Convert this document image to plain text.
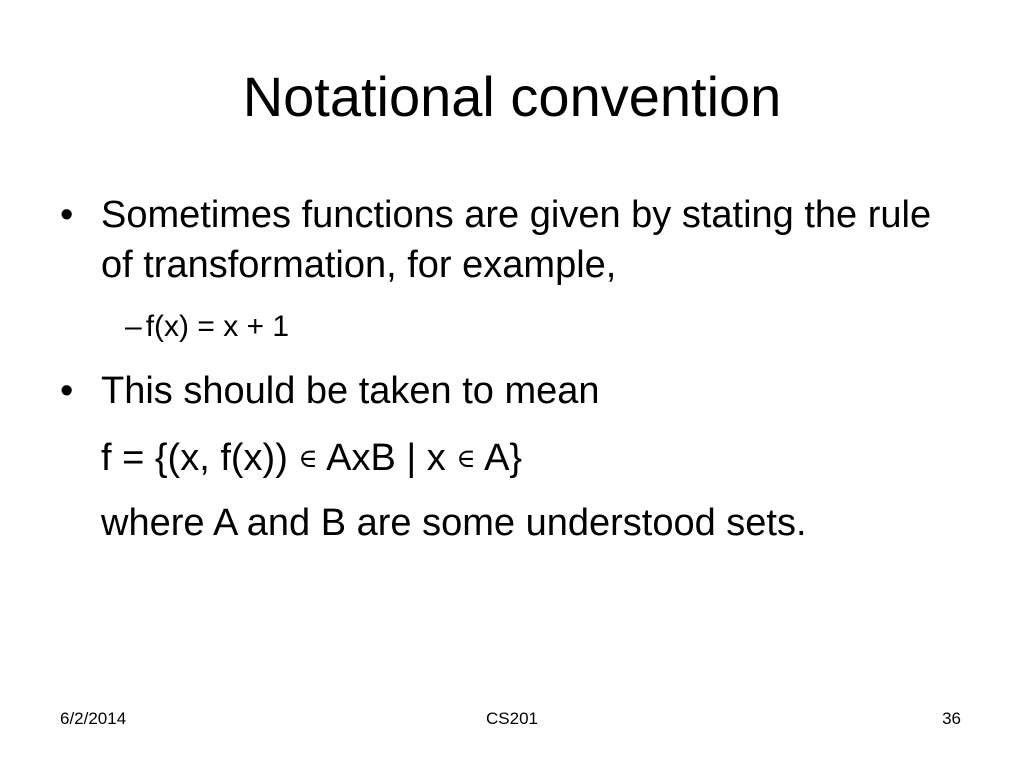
Notational convention
• Sometimes functions are given by stating the rule of transformation, for example,
– f(x) = x + 1
• This should be taken to mean
f = {(x, f(x)) ∈ AxB | x ∈ A}
where A and B are some understood sets.
6/2/2014	CS201	36
